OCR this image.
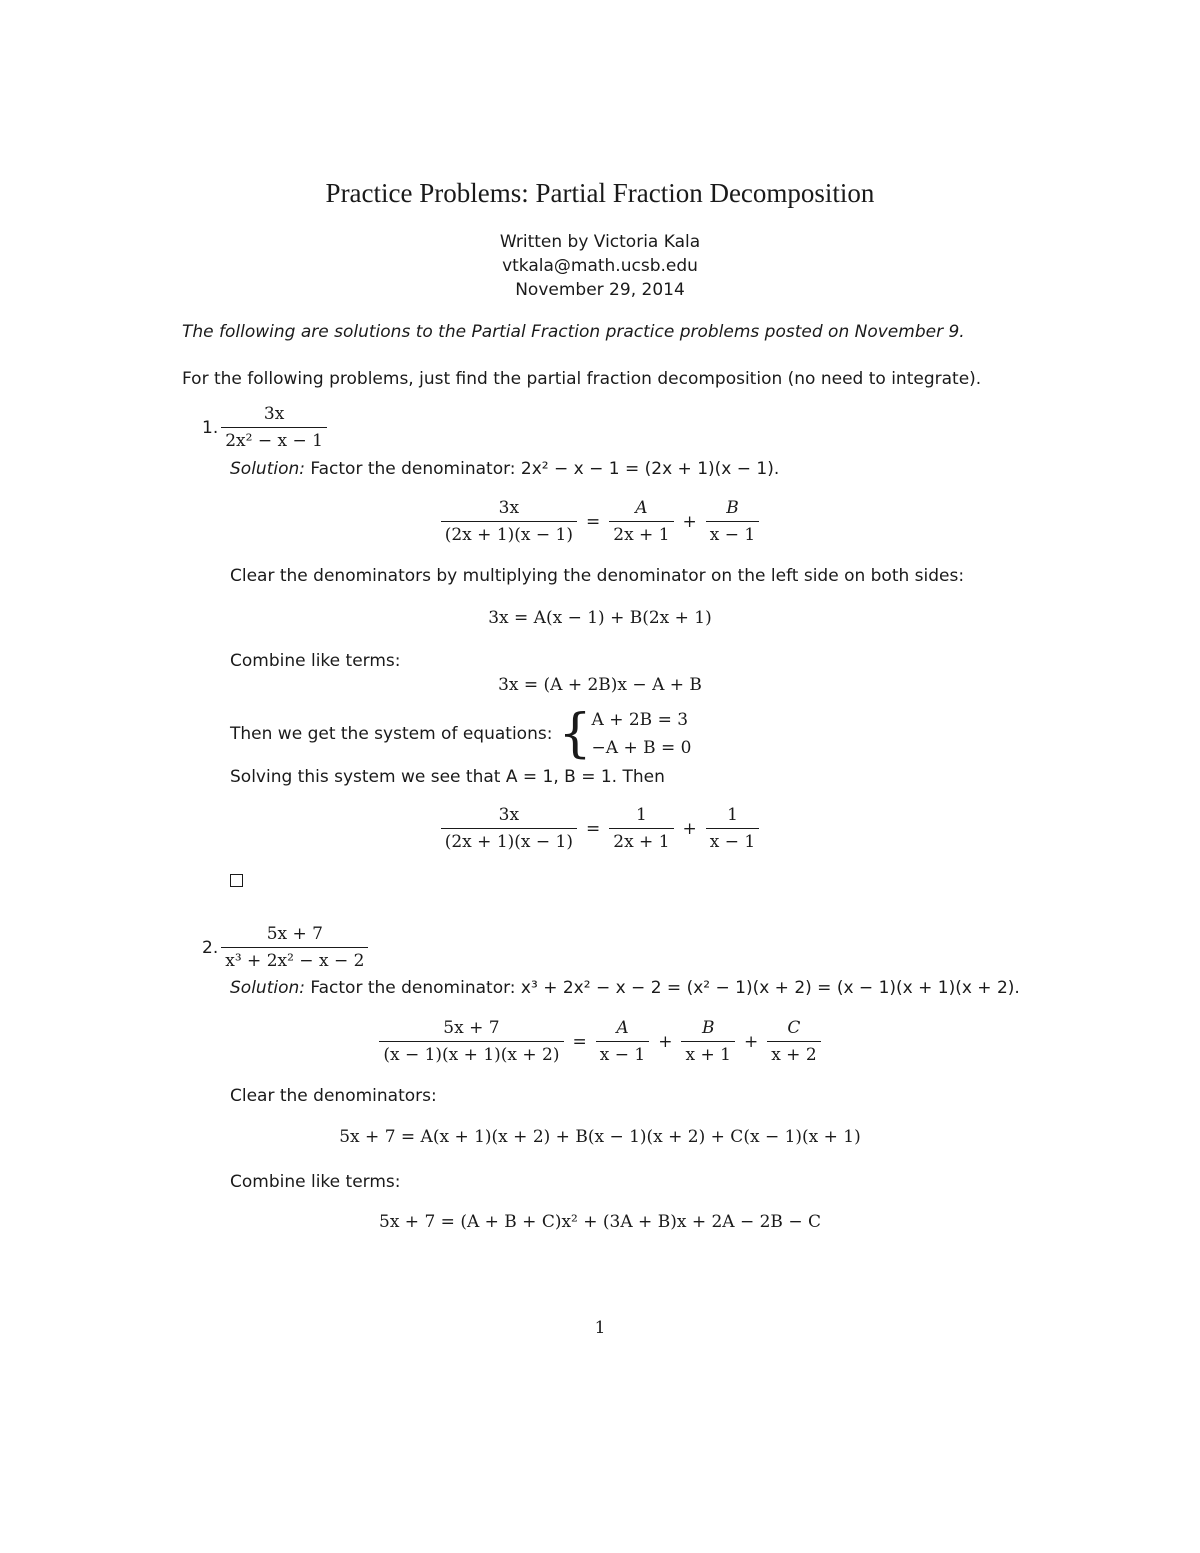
Practice Problems: Partial Fraction Decomposition
Written by Victoria Kala
vtkala@math.ucsb.edu
November 29, 2014
The following are solutions to the Partial Fraction practice problems posted on November 9.
For the following problems, just find the partial fraction decomposition (no need to integrate).
1. $\frac{3x}{\text{2x² − x − 1}}$
Solution: Factor the denominator: 2x² − x − 1 = (2x + 1)(x − 1).
$\frac{3x}{(2x + 1)(x - 1)} = \frac{A}{2x + 1} + \frac{B}{x - 1}$
Clear the denominators by multiplying the denominator on the left side on both sides:
3x = A(x − 1) + B(2x + 1)
Combine like terms:
3x = (A + 2B)x − A + B
Then we get the system of equations: { A + 2B = 3
−A + B = 0
Solving this system we see that A = 1, B = 1. Then
$\frac{3x}{(2x + 1)(x - 1)} = \frac{1}{2x + 1} + \frac{1}{x - 1}$
2. $\frac{5x + 7}{\text{x³ + 2x² − x − 2}}$
Solution: Factor the denominator: x³ + 2x² − x − 2 = (x² − 1)(x + 2) = (x − 1)(x + 1)(x + 2).
$\frac{5x + 7}{(x - 1)(x + 1)(x + 2)} = \frac{A}{x - 1} + \frac{B}{x + 1} + \frac{C}{x + 2}$
Clear the denominators:
5x + 7 = A(x + 1)(x + 2) + B(x − 1)(x + 2) + C(x − 1)(x + 1)
Combine like terms:
5x + 7 = (A + B + C)x² + (3A + B)x + 2A − 2B − C
1
